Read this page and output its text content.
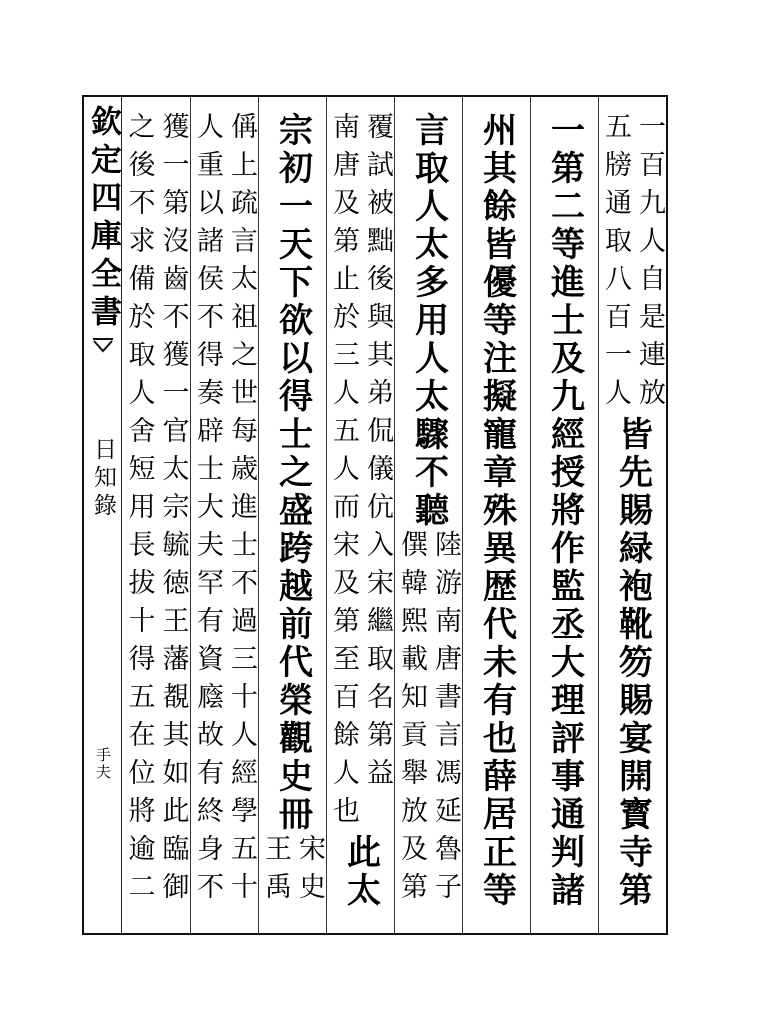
欽定四庫全書
日知錄
手夫
一百九人自是連放
五牓通取八百一人
皆先賜緑袍靴笏賜宴開寳寺第
一第二等進士及九經授將作監丞大理評事通判諸
州其餘皆優等注擬寵章殊異歴代未有也薛居正等
言取人太多用人太驟不聽
陸游南唐書言馮延魯子
僎韓熙載知貢舉放及第
覆試被黜後與其弟侃儀伉入宋繼取名第益
南唐及第止於三人五人而宋及第至百餘人也
此太
宗初一天下欲以得士之盛跨越前代榮觀史冊
宋史
王禹
偁上疏言太祖之世每歳進士不過三十人經學五十
人重以諸侯不得奏辟士大夫罕有資廕故有終身不
獲一第沒齒不獲一官太宗毓徳王藩覩其如此臨御
之後不求備於取人舍短用長拔十得五在位將逾二
